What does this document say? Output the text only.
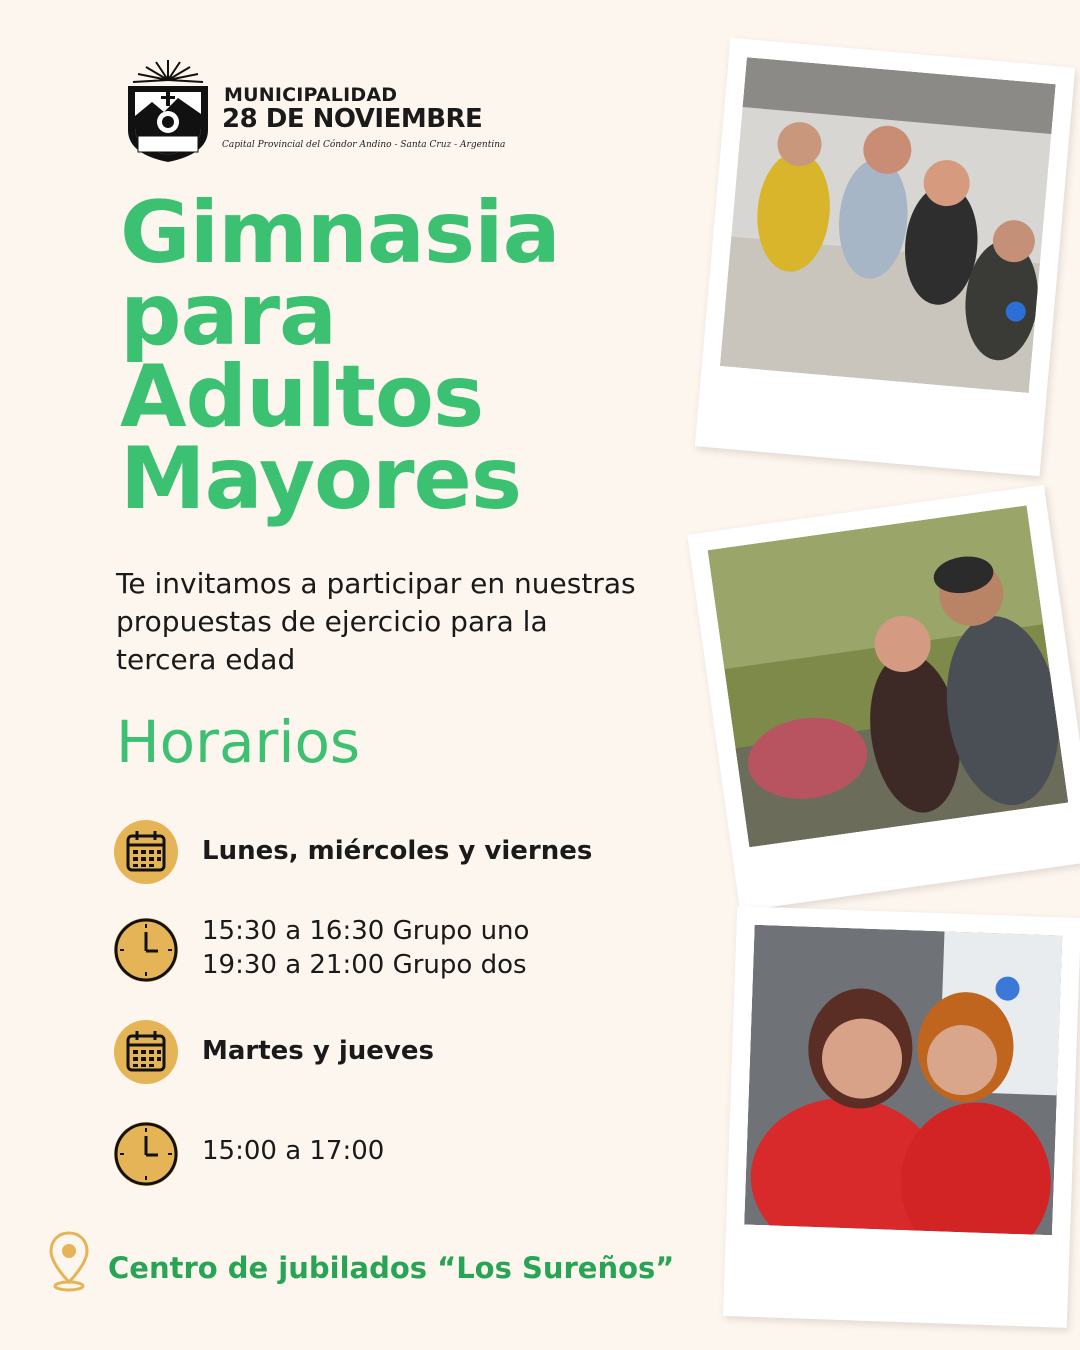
MUNICIPALIDAD
28 DE NOVIEMBRE
Capital Provincial del Cóndor Andino - Santa Cruz - Argentina
Gimnasia
para
Adultos
Mayores
Te invitamos a participar en nuestras propuestas de ejercicio para la tercera edad
Horarios
Lunes, miércoles y viernes
15:30 a 16:30 Grupo uno
19:30 a 21:00 Grupo dos
Martes y jueves
15:00 a 17:00
Centro de jubilados “Los Sureños”
